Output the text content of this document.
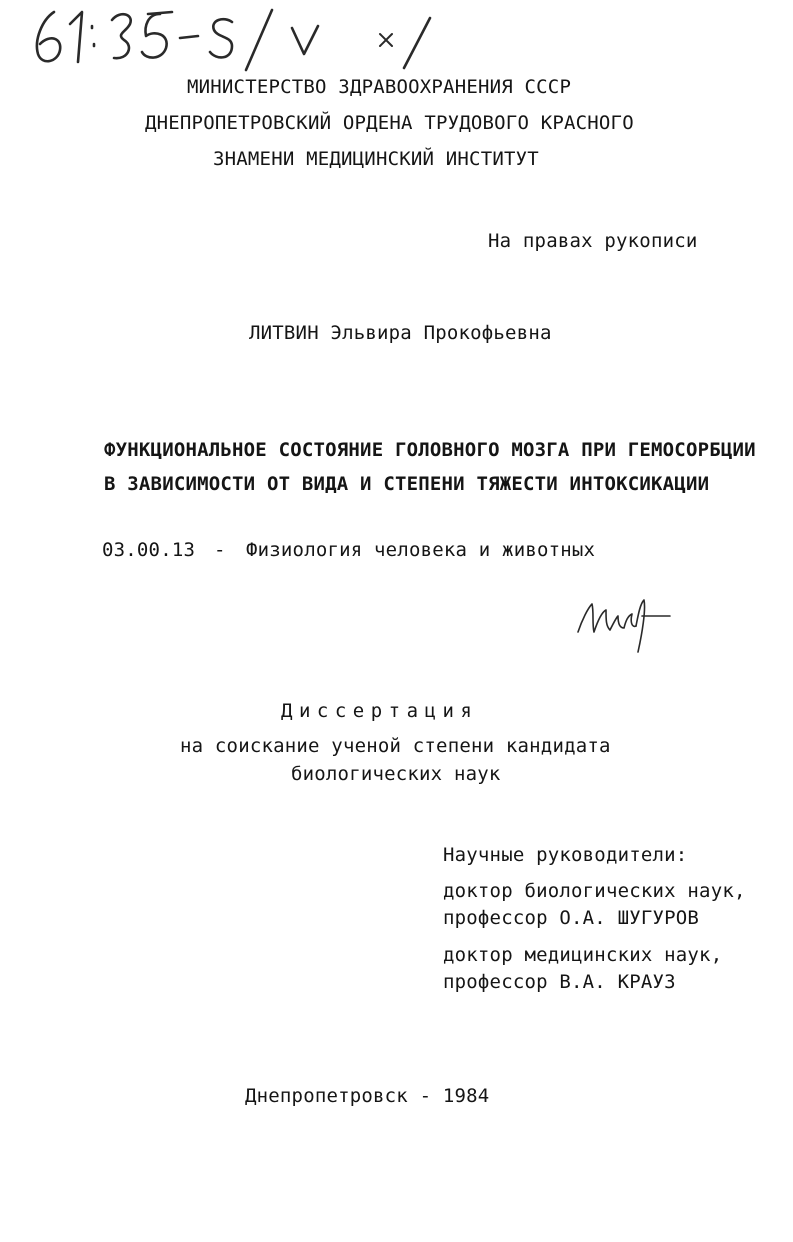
МИНИСТЕРСТВО ЗДРАВООХРАНЕНИЯ СССР
ДНЕПРОПЕТРОВСКИЙ ОРДЕНА ТРУДОВОГО КРАСНОГО
ЗНАМЕНИ МЕДИЦИНСКИЙ ИНСТИТУТ
На правах рукописи
ЛИТВИН Эльвира Прокофьевна
ФУНКЦИОНАЛЬНОЕ СОСТОЯНИЕ ГОЛОВНОГО МОЗГА ПРИ ГЕМОСОРБЦИИ
В ЗАВИСИМОСТИ ОТ ВИДА И СТЕПЕНИ ТЯЖЕСТИ ИНТОКСИКАЦИИ
03.00.13 - Физиология человека и животных
Диссертация
на соискание ученой степени кандидата
биологических наук
Научные руководители:
доктор биологических наук,
профессор О.А. ШУГУРОВ
доктор медицинских наук,
профессор В.А. КРАУЗ
Днепропетровск - 1984
